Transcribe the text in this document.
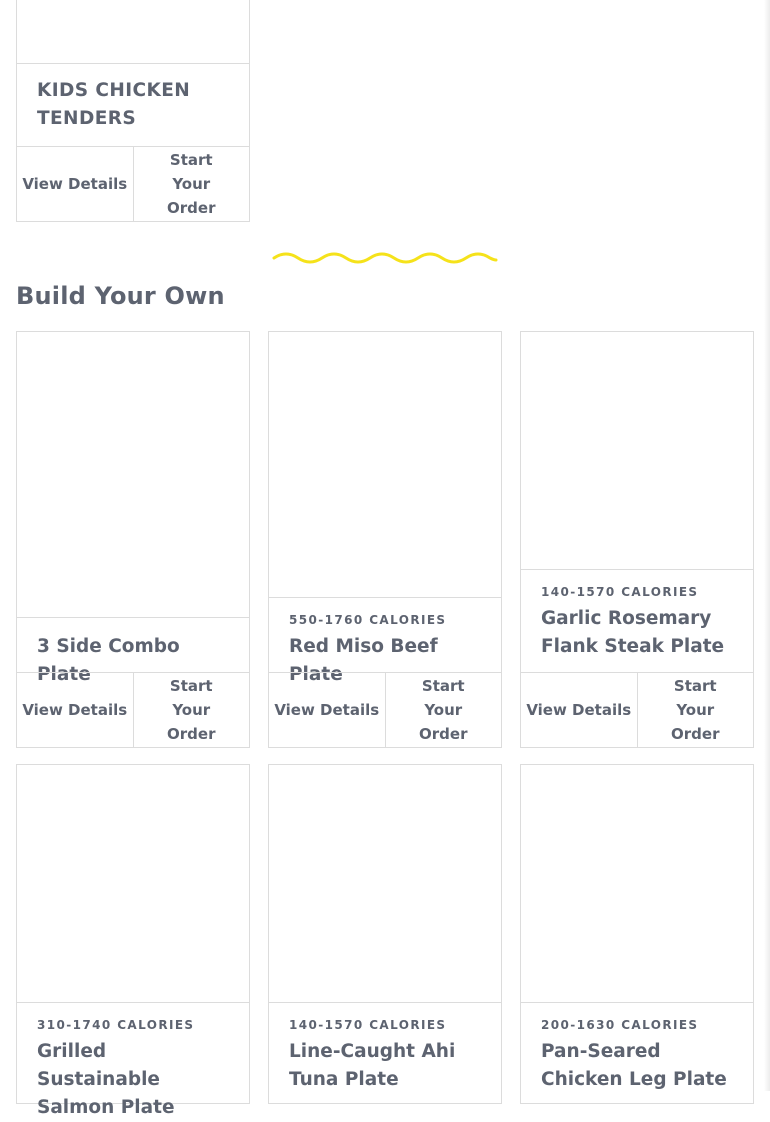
KIDS CHICKEN TENDERS
View Details
Start Your Order
Build Your Own
3 Side Combo Plate
View Details
Start Your Order
550-1760 CALORIES
Red Miso Beef Plate
View Details
Start Your Order
140-1570 CALORIES
Garlic Rosemary Flank Steak Plate
View Details
Start Your Order
310-1740 CALORIES
Grilled Sustainable Salmon Plate
140-1570 CALORIES
Line-Caught Ahi Tuna Plate
200-1630 CALORIES
Pan-Seared Chicken Leg Plate
